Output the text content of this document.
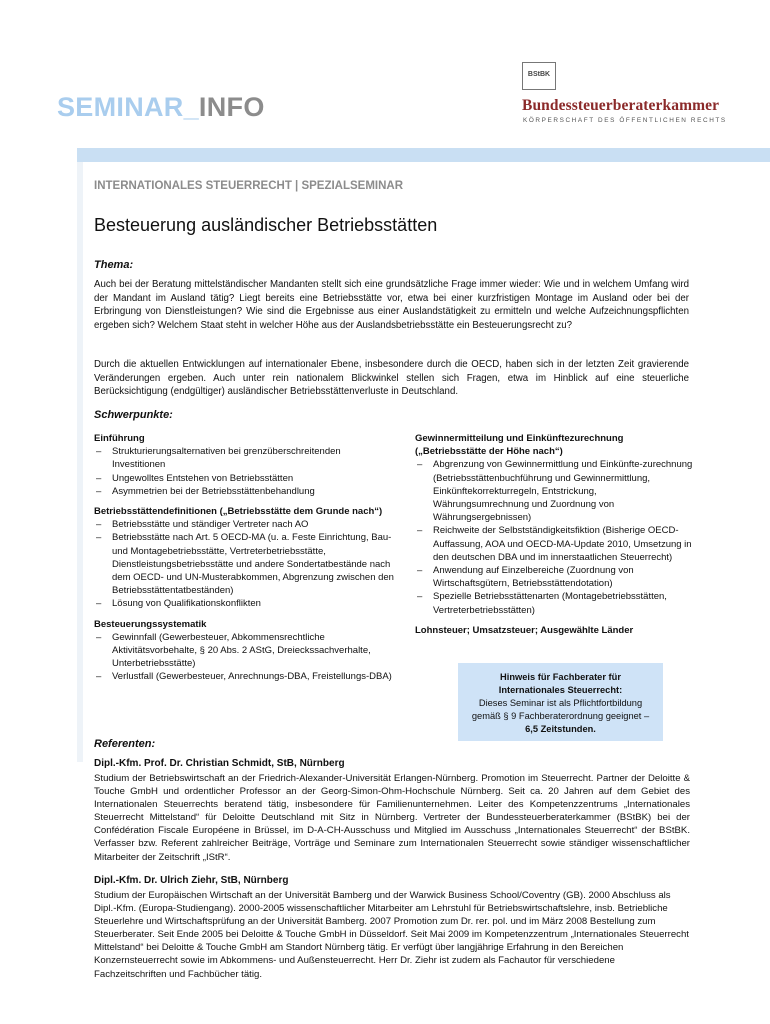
SEMINAR_INFO
BStBK
Bundessteuerberaterkammer
KÖRPERSCHAFT DES ÖFFENTLICHEN RECHTS
INTERNATIONALES STEUERRECHT | SPEZIALSEMINAR
Besteuerung ausländischer Betriebsstätten
Thema:
Auch bei der Beratung mittelständischer Mandanten stellt sich eine grundsätzliche Frage immer wieder: Wie und in welchem Umfang wird der Mandant im Ausland tätig? Liegt bereits eine Betriebsstätte vor, etwa bei einer kurzfristigen Montage im Ausland oder bei der Erbringung von Dienstleistungen? Wie sind die Ergebnisse aus einer Auslandstätigkeit zu ermitteln und welche Aufzeichnungspflichten ergeben sich? Welchem Staat steht in welcher Höhe aus der Auslandsbetriebsstätte ein Besteuerungsrecht zu?
Durch die aktuellen Entwicklungen auf internationaler Ebene, insbesondere durch die OECD, haben sich in der letzten Zeit gravierende Veränderungen ergeben. Auch unter rein nationalem Blickwinkel stellen sich Fragen, etwa im Hinblick auf eine steuerliche Berücksichtigung (endgültiger) ausländischer Betriebsstättenverluste in Deutschland.
Schwerpunkte:

Einführung

– Strukturierungsalternativen bei grenzüberschreitenden Investitionen
– Ungewolltes Entstehen von Betriebsstätten
– Asymmetrien bei der Betriebsstättenbehandlung

Betriebsstättendefinitionen („Betriebsstätte dem Grunde nach“)

– Betriebsstätte und ständiger Vertreter nach AO
– Betriebsstätte nach Art. 5 OECD-MA (u. a. Feste Einrichtung, Bau- und Montagebetriebsstätte, Vertreterbetriebsstätte, Dienstleistungsbetriebsstätte und andere Sondertatbestände nach dem OECD- und UN-Musterabkommen, Abgrenzung zwischen den Betriebsstättentatbeständen)
– Lösung von Qualifikationskonflikten

Besteuerungssystematik

– Gewinnfall (Gewerbesteuer, Abkommensrechtliche Aktivitätsvorbehalte, § 20 Abs. 2 AStG, Dreieckssachverhalte, Unterbetriebsstätte)
– Verlustfall (Gewerbesteuer, Anrechnungs-DBA, Freistellungs-DBA)

Gewinnermitteilung und Einkünftezurechnung („Betriebsstätte der Höhe nach“)

– Abgrenzung von Gewinnermittlung und Einkünfte-zurechnung (Betriebsstättenbuchführung und Gewinnermittlung, Einkünftekorrekturregeln, Entstrickung, Währungsumrechnung und Zuordnung von Währungsergebnissen)
– Reichweite der Selbstständigkeitsfiktion (Bisherige OECD-Auffassung, AOA und OECD-MA-Update 2010, Umsetzung in den deutschen DBA und im innerstaatlichen Steuerrecht)
– Anwendung auf Einzelbereiche (Zuordnung von Wirtschaftsgütern, Betriebsstättendotation)
– Spezielle Betriebsstättenarten (Montagebetriebsstätten, Vertreterbetriebsstätten)

Lohnsteuer; Umsatzsteuer; Ausgewählte Länder

Hinweis für Fachberater für
Internationales Steuerrecht:
Dieses Seminar ist als Pflichtfortbildung
gemäß § 9 Fachberaterordnung geeignet –
6,5 Zeitstunden.
Referenten:
Dipl.-Kfm. Prof. Dr. Christian Schmidt, StB, Nürnberg
Studium der Betriebswirtschaft an der Friedrich-Alexander-Universität Erlangen-Nürnberg. Promotion im Steuerrecht. Partner der Deloitte & Touche GmbH und ordentlicher Professor an der Georg-Simon-Ohm-Hochschule Nürnberg. Seit ca. 20 Jahren auf dem Gebiet des Internationalen Steuerrechts beratend tätig, insbesondere für Familienunternehmen. Leiter des Kompetenzzentrums „Internationales Steuerrecht Mittelstand“ für Deloitte Deutschland mit Sitz in Nürnberg. Vertreter der Bundessteuerberaterkammer (BStBK) bei der Confédération Fiscale Européene in Brüssel, im D-A-CH-Ausschuss und Mitglied im Ausschuss „Internationales Steuerrecht“ der BStBK. Verfasser bzw. Referent zahlreicher Beiträge, Vorträge und Seminare zum Internationalen Steuerrecht sowie ständiger wissenschaftlicher Mitarbeiter der Zeitschrift „IStR“.
Dipl.-Kfm. Dr. Ulrich Ziehr, StB, Nürnberg
Studium der Europäischen Wirtschaft an der Universität Bamberg und der Warwick Business School/Coventry (GB). 2000 Abschluss als Dipl.-Kfm. (Europa-Studiengang). 2000-2005 wissenschaftlicher Mitarbeiter am Lehrstuhl für Betriebswirtschaftslehre, insb. Betriebliche Steuerlehre und Wirtschaftsprüfung an der Universität Bamberg. 2007 Promotion zum Dr. rer. pol. und im März 2008 Bestellung zum Steuerberater. Seit Ende 2005 bei Deloitte & Touche GmbH in Düsseldorf. Seit Mai 2009 im Kompetenzzentrum „Internationales Steuerrecht Mittelstand“ bei Deloitte & Touche GmbH am Standort Nürnberg tätig. Er verfügt über langjährige Erfahrung in den Bereichen Konzernsteuerrecht sowie im Abkommens- und Außensteuerrecht. Herr Dr. Ziehr ist zudem als Fachautor für verschiedene Fachzeitschriften und Fachbücher tätig.
